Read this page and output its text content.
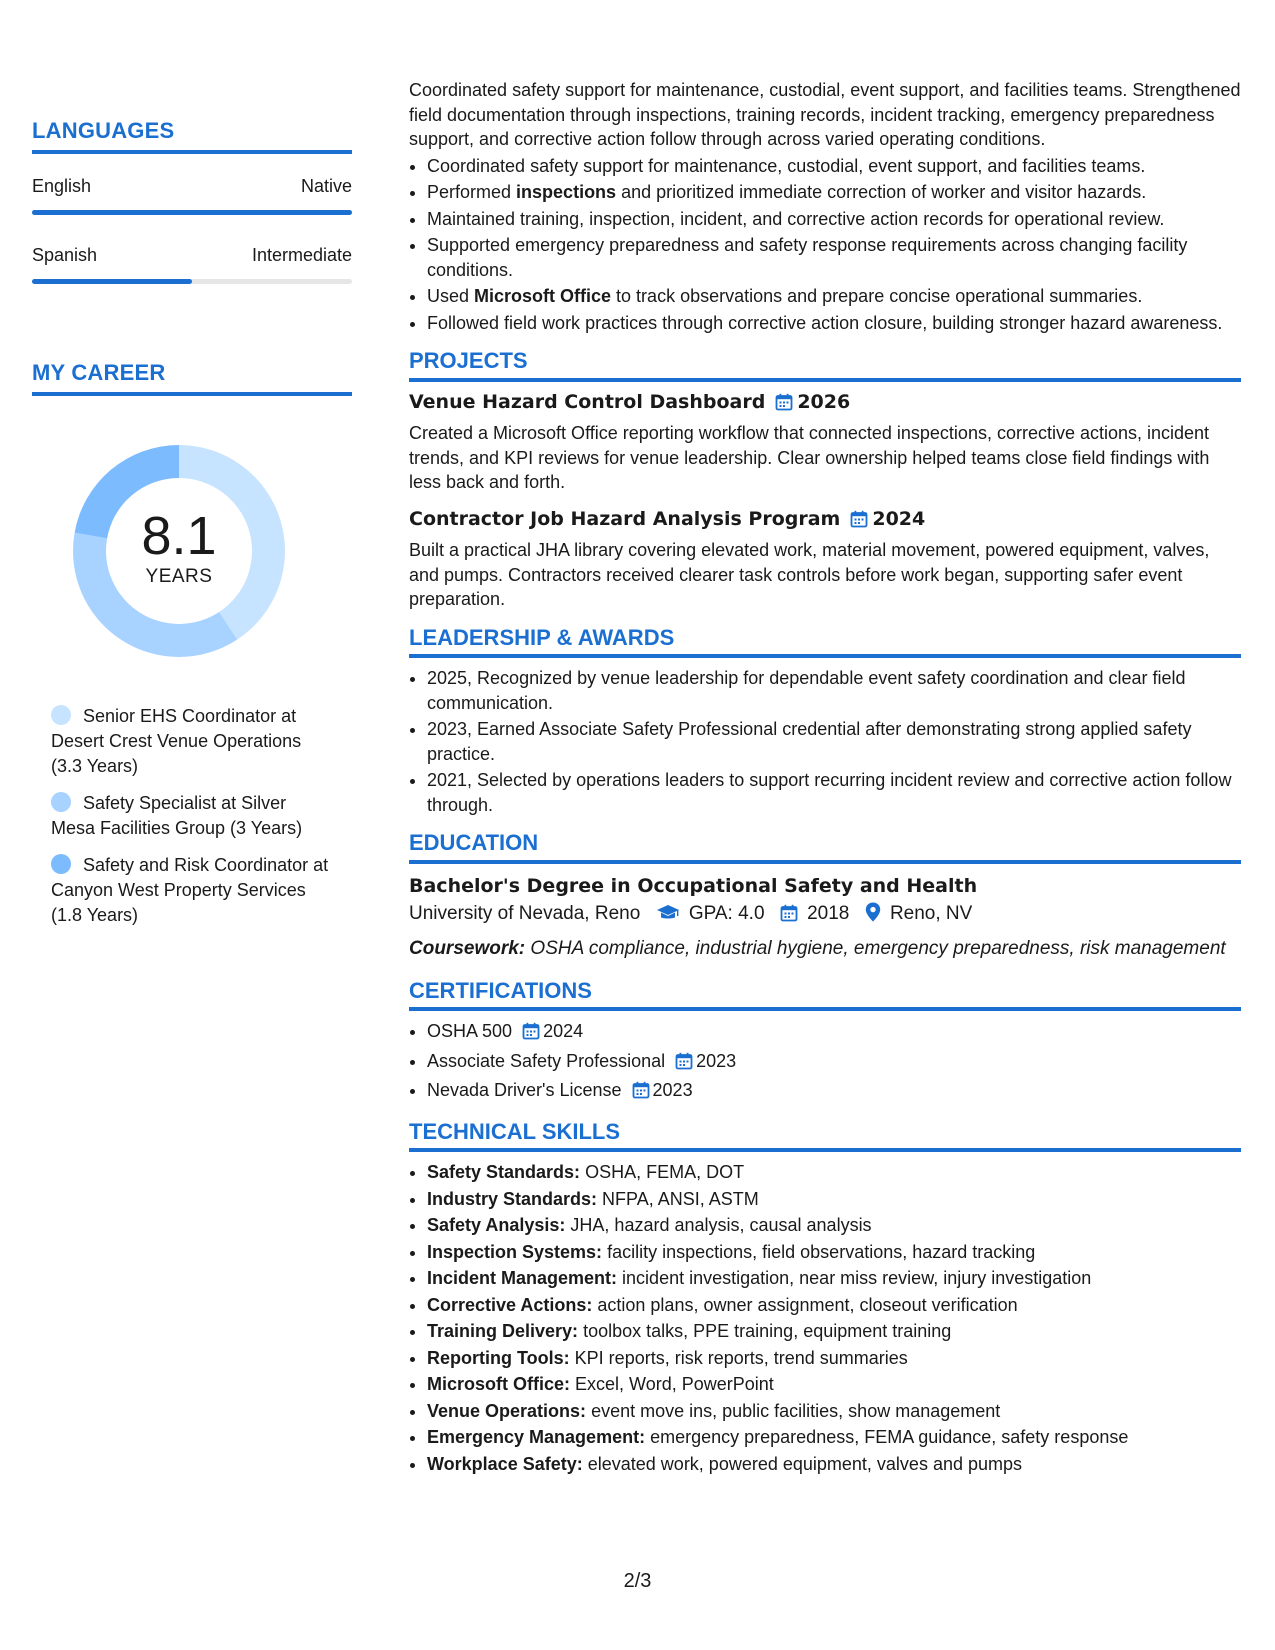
LANGUAGES
English	Native
Spanish	Intermediate
MY CAREER
8.1
YEARS
Senior EHS Coordinator at Desert Crest Venue Operations (3.3 Years)
Safety Specialist at Silver Mesa Facilities Group (3 Years)
Safety and Risk Coordinator at Canyon West Property Services (1.8 Years)

Coordinated safety support for maintenance, custodial, event support, and facilities teams. Strengthened field documentation through inspections, training records, incident tracking, emergency preparedness support, and corrective action follow through across varied operating conditions.

• Coordinated safety support for maintenance, custodial, event support, and facilities teams.
• Performed inspections and prioritized immediate correction of worker and visitor hazards.
• Maintained training, inspection, incident, and corrective action records for operational review.
• Supported emergency preparedness and safety response requirements across changing facility conditions.
• Used Microsoft Office to track observations and prepare concise operational summaries.
• Followed field work practices through corrective action closure, building stronger hazard awareness.
PROJECTS
Venue Hazard Control Dashboard 2026

Created a Microsoft Office reporting workflow that connected inspections, corrective actions, incident trends, and KPI reviews for venue leadership. Clear ownership helped teams close field findings with less back and forth.

Contractor Job Hazard Analysis Program 2024

Built a practical JHA library covering elevated work, material movement, powered equipment, valves, and pumps. Contractors received clearer task controls before work began, supporting safer event preparation.

LEADERSHIP & AWARDS
• 2025, Recognized by venue leadership for dependable event safety coordination and clear field communication.
• 2023, Earned Associate Safety Professional credential after demonstrating strong applied safety practice.
• 2021, Selected by operations leaders to support recurring incident review and corrective action follow through.
EDUCATION
Bachelor's Degree in Occupational Safety and Health
University of Nevada, Reno	GPA: 4.0 2018 Reno, NV
Coursework: OSHA compliance, industrial hygiene, emergency preparedness, risk management
CERTIFICATIONS
• OSHA 500 2024
• Associate Safety Professional 2023
• Nevada Driver's License 2023
TECHNICAL SKILLS
• Safety Standards: OSHA, FEMA, DOT
• Industry Standards: NFPA, ANSI, ASTM
• Safety Analysis: JHA, hazard analysis, causal analysis
• Inspection Systems: facility inspections, field observations, hazard tracking
• Incident Management: incident investigation, near miss review, injury investigation
• Corrective Actions: action plans, owner assignment, closeout verification
• Training Delivery: toolbox talks, PPE training, equipment training
• Reporting Tools: KPI reports, risk reports, trend summaries
• Microsoft Office: Excel, Word, PowerPoint
• Venue Operations: event move ins, public facilities, show management
• Emergency Management: emergency preparedness, FEMA guidance, safety response
• Workplace Safety: elevated work, powered equipment, valves and pumps
2/3
